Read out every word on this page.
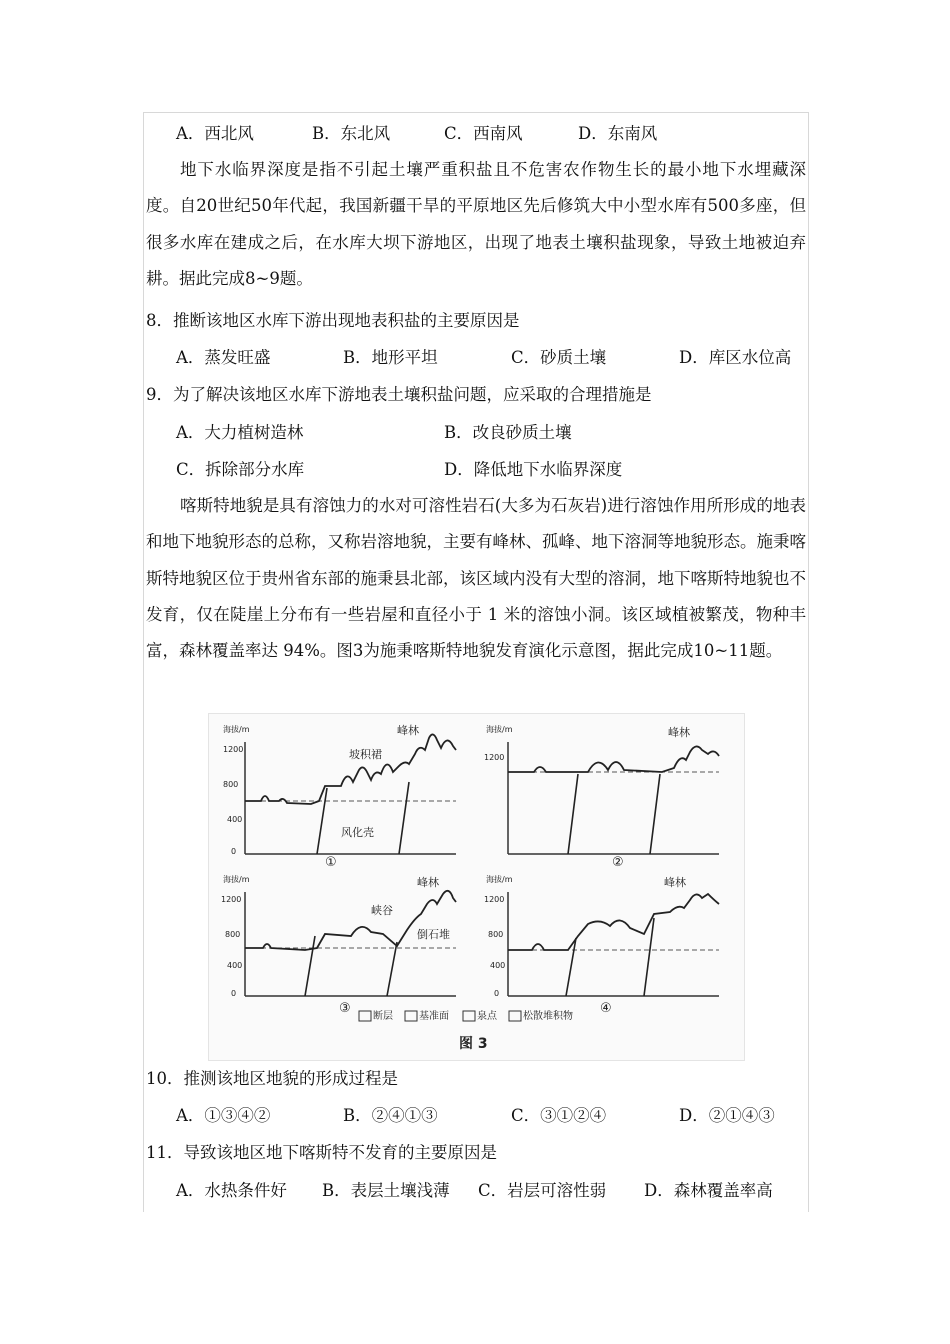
A．西北风	B．东北风	C．西南风	D．东南风
地下水临界深度是指不引起土壤严重积盐且不危害农作物生长的最小地下水埋藏深度。自20世纪50年代起，我国新疆干旱的平原地区先后修筑大中小型水库有500多座，但很多水库在建成之后，在水库大坝下游地区，出现了地表土壤积盐现象，导致土地被迫弃耕。据此完成8~9题。
8．推断该地区水库下游出现地表积盐的主要原因是
A．蒸发旺盛	B．地形平坦	C．砂质土壤	D．库区水位高
9．为了解决该地区水库下游地表土壤积盐问题，应采取的合理措施是
A．大力植树造林	B．改良砂质土壤
C．拆除部分水库	D．降低地下水临界深度
喀斯特地貌是具有溶蚀力的水对可溶性岩石(大多为石灰岩)进行溶蚀作用所形成的地表和地下地貌形态的总称，又称岩溶地貌，主要有峰林、孤峰、地下溶洞等地貌形态。施秉喀斯特地貌区位于贵州省东部的施秉县北部，该区域内没有大型的溶洞，地下喀斯特地貌也不发育，仅在陡崖上分布有一些岩屋和直径小于 1 米的溶蚀小洞。该区域植被繁茂，物种丰富，森林覆盖率达 94%。图3为施秉喀斯特地貌发育演化示意图，据此完成10~11题。
海拔/m
1200
800
400
0
峰林
坡积裙
风化壳
①
海拔/m
1200
峰林
②
海拔/m
1200
800
400
0
峰林
峡谷
倒石堆
③
海拔/m
1200
800
400
0
峰林
④
断层	基准面	泉点	松散堆积物
图 3
10．推测该地区地貌的形成过程是
A．①③④②	B．②④①③	C．③①②④	D．②①④③
11．导致该地区地下喀斯特不发育的主要原因是
A．水热条件好 B．表层土壤浅薄 C．岩层可溶性弱 D．森林覆盖率高
